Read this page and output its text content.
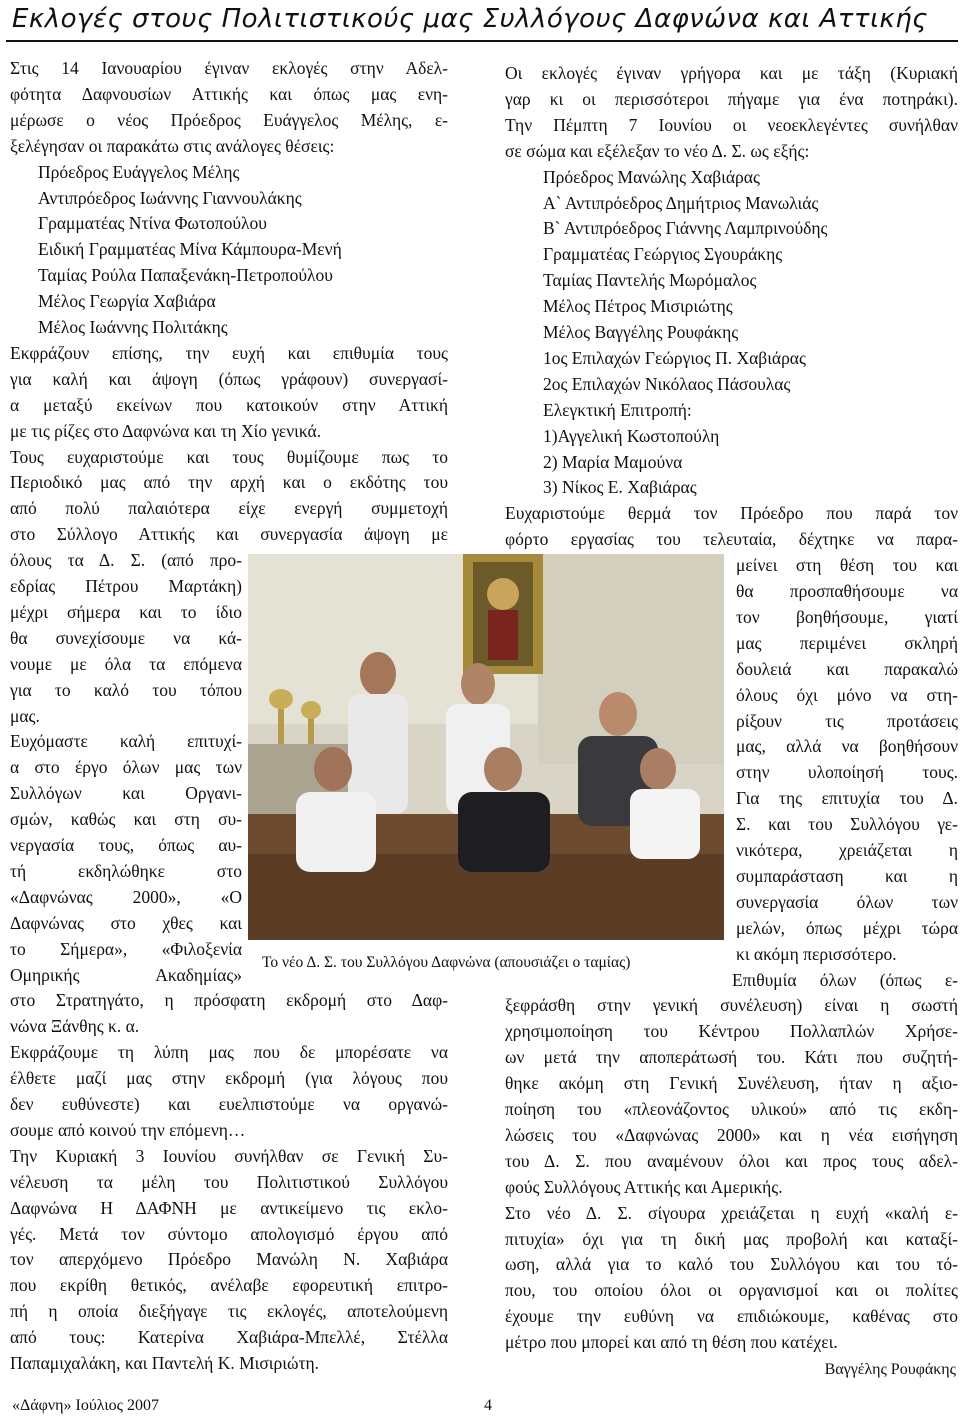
Εκλογές στους Πολιτιστικούς μας Συλλόγους Δαφνώνα και Αττικής
Στις 14 Ιανουαρίου έγιναν εκλογές στην Αδελ-
φότητα Δαφνουσίων Αττικής και όπως μας ενη-
μέρωσε ο νέος Πρόεδρος Ευάγγελος Μέλης, ε-
ξελέγησαν οι παρακάτω στις ανάλογες θέσεις:
Πρόεδρος Ευάγγελος Μέλης
Αντιπρόεδρος Ιωάννης Γιαννουλάκης
Γραμματέας Ντίνα Φωτοπούλου
Ειδική Γραμματέας Μίνα Κάμπουρα-Μενή
Ταμίας Ρούλα Παπαξενάκη-Πετροπούλου
Μέλος Γεωργία Χαβιάρα
Μέλος Ιωάννης Πολιτάκης
Εκφράζουν επίσης, την ευχή και επιθυμία τους
για καλή και άψογη (όπως γράφουν) συνεργασί-
α μεταξύ εκείνων που κατοικούν στην Αττική
με τις ρίζες στο Δαφνώνα και τη Χίο γενικά.
Τους ευχαριστούμε και τους θυμίζουμε πως το
Περιοδικό μας από την αρχή και ο εκδότης του
από πολύ παλαιότερα είχε ενεργή συμμετοχή
στο Σύλλογο Αττικής και συνεργασία άψογη με
όλους τα Δ. Σ. (από προ-
εδρίας Πέτρου Μαρτάκη)
μέχρι σήμερα και το ίδιο
θα συνεχίσουμε να κά-
νουμε με όλα τα επόμενα
για το καλό του τόπου
μας.
Ευχόμαστε καλή επιτυχί-
α στο έργο όλων μας των
Συλλόγων και Οργανι-
σμών, καθώς και στη συ-
νεργασία τους, όπως αυ-
τή εκδηλώθηκε στο
«Δαφνώνας 2000», «Ο
Δαφνώνας στο χθες και
το Σήμερα», «Φιλοξενία
Ομηρικής Ακαδημίας»
στο Στρατηγάτο, η πρόσφατη εκδρομή στο Δαφ-
νώνα Ξάνθης κ. α.
Εκφράζουμε τη λύπη μας που δε μπορέσατε να
έλθετε μαζί μας στην εκδρομή (για λόγους που
δεν ευθύνεστε) και ευελπιστούμε να οργανώ-
σουμε από κοινού την επόμενη…
Την Κυριακή 3 Ιουνίου συνήλθαν σε Γενική Συ-
νέλευση τα μέλη του Πολιτιστικού Συλλόγου
Δαφνώνα Η ΔΑΦΝΗ με αντικείμενο τις εκλο-
γές. Μετά τον σύντομο απολογισμό έργου από
τον απερχόμενο Πρόεδρο Μανώλη Ν. Χαβιάρα
που εκρίθη θετικός, ανέλαβε εφορευτική επιτρο-
πή η οποία διεξήγαγε τις εκλογές, αποτελούμενη
από τους: Κατερίνα Χαβιάρα-Μπελλέ, Στέλλα
Παπαμιχαλάκη, και Παντελή Κ. Μισιριώτη.
Οι εκλογές έγιναν γρήγορα και με τάξη (Κυριακή
γαρ κι οι περισσότεροι πήγαμε για ένα ποτηράκι).
Την Πέμπτη 7 Ιουνίου οι νεοεκλεγέντες συνήλθαν
σε σώμα και εξέλεξαν το νέο Δ. Σ. ως εξής:
Πρόεδρος Μανώλης Χαβιάρας
Α` Αντιπρόεδρος Δημήτριος Μανωλιάς
Β` Αντιπρόεδρος Γιάννης Λαμπρινούδης
Γραμματέας Γεώργιος Σγουράκης
Ταμίας Παντελής Μωρόμαλος
Μέλος Πέτρος Μισιριώτης
Μέλος Βαγγέλης Ρουφάκης
1ος Επιλαχών Γεώργιος Π. Χαβιάρας
2ος Επιλαχών Νικόλαος Πάσουλας
Ελεγκτική Επιτροπή:
1)Αγγελική Κωστοπούλη
2) Μαρία Μαμούνα
3) Νίκος Ε. Χαβιάρας
Ευχαριστούμε θερμά τον Πρόεδρο που παρά τον
φόρτο εργασίας του τελευταία, δέχτηκε να παρα-
μείνει στη θέση του και
θα προσπαθήσουμε να
τον βοηθήσουμε, γιατί
μας περιμένει σκληρή
δουλειά και παρακαλώ
όλους όχι μόνο να στη-
ρίξουν τις προτάσεις
μας, αλλά να βοηθήσουν
στην υλοποίησή τους.
Για της επιτυχία του Δ.
Σ. και του Συλλόγου γε-
νικότερα, χρειάζεται η
συμπαράσταση και η
συνεργασία όλων των
μελών, όπως μέχρι τώρα
κι ακόμη περισσότερο.
Επιθυμία όλων (όπως ε-
ξεφράσθη στην γενική συνέλευση) είναι η σωστή
χρησιμοποίηση του Κέντρου Πολλαπλών Χρήσε-
ων μετά την αποπεράτωσή του. Κάτι που συζητή-
θηκε ακόμη στη Γενική Συνέλευση, ήταν η αξιο-
ποίηση του «πλεονάζοντος υλικού» από τις εκδη-
λώσεις του «Δαφνώνας 2000» και η νέα εισήγηση
του Δ. Σ. που αναμένουν όλοι και προς τους αδελ-
φούς Συλλόγους Αττικής και Αμερικής.
Στο νέο Δ. Σ. σίγουρα χρειάζεται η ευχή «καλή ε-
πιτυχία» όχι για τη δική μας προβολή και καταξί-
ωση, αλλά για το καλό του Συλλόγου και του τό-
που, του οποίου όλοι οι οργανισμοί και οι πολίτες
έχουμε την ευθύνη να επιδιώκουμε, καθένας στο
μέτρο που μπορεί και από τη θέση που κατέχει.
Το νέο Δ. Σ. του Συλλόγου Δαφνώνα (απουσιάζει ο ταμίας)
Βαγγέλης Ρουφάκης
«Δάφνη» Ιούλιος 2007	4
